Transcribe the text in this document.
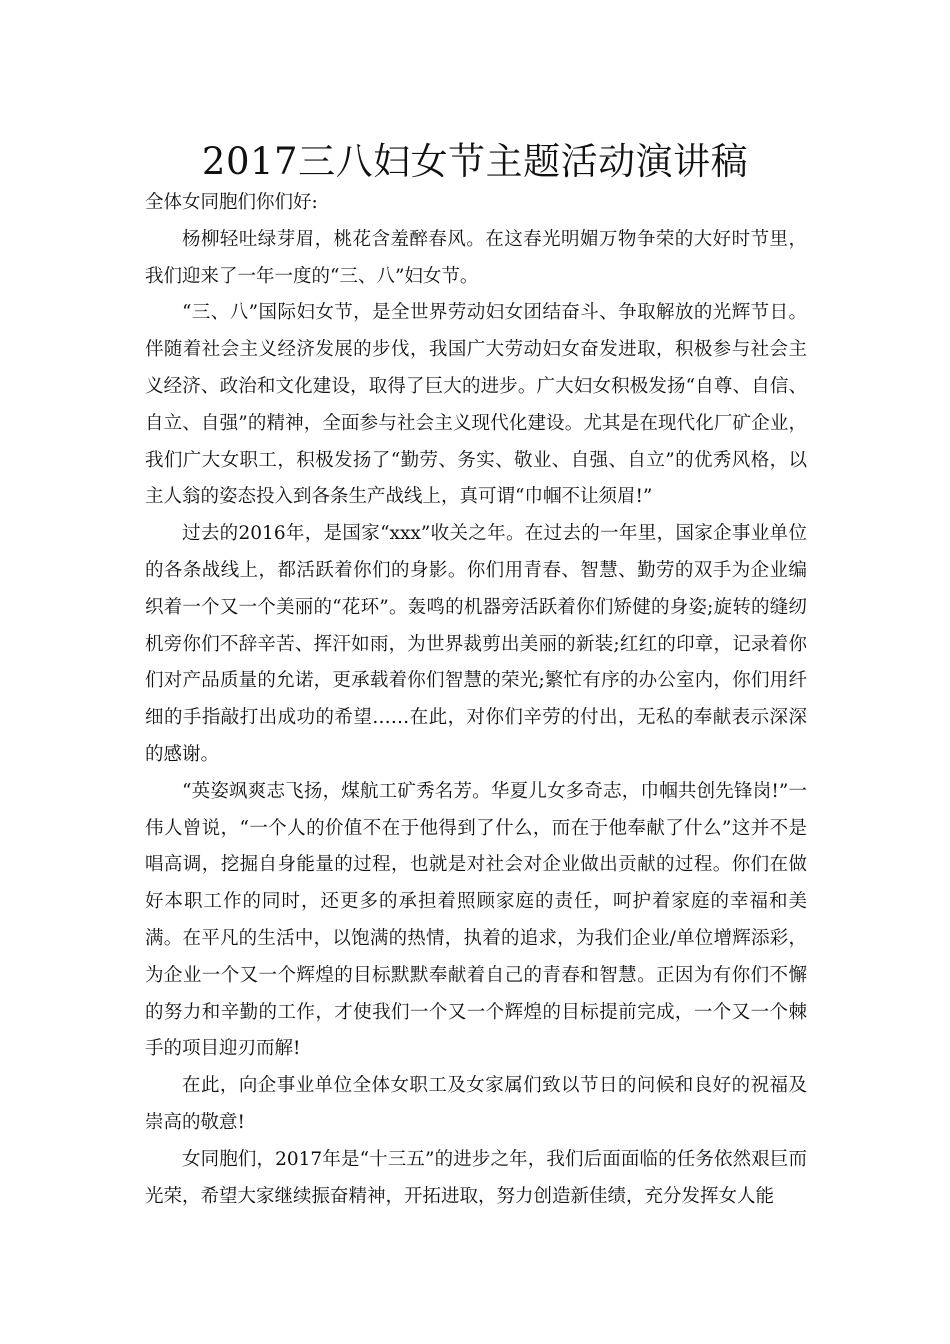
2017三八妇女节主题活动演讲稿

全体女同胞们你们好:

杨柳轻吐绿芽眉，桃花含羞醉春风。在这春光明媚万物争荣的大好时节里，我们迎来了一年一度的“三、八”妇女节。

“三、八”国际妇女节，是全世界劳动妇女团结奋斗、争取解放的光辉节日。伴随着社会主义经济发展的步伐，我国广大劳动妇女奋发进取，积极参与社会主义经济、政治和文化建设，取得了巨大的进步。广大妇女积极发扬“自尊、自信、自立、自强”的精神，全面参与社会主义现代化建设。尤其是在现代化厂矿企业，我们广大女职工，积极发扬了“勤劳、务实、敬业、自强、自立”的优秀风格，以主人翁的姿态投入到各条生产战线上，真可谓“巾帼不让须眉!”

过去的2016年，是国家“xxx”收关之年。在过去的一年里，国家企事业单位的各条战线上，都活跃着你们的身影。你们用青春、智慧、勤劳的双手为企业编织着一个又一个美丽的“花环”。轰鸣的机器旁活跃着你们矫健的身姿;旋转的缝纫机旁你们不辞辛苦、挥汗如雨，为世界裁剪出美丽的新装;红红的印章，记录着你们对产品质量的允诺，更承载着你们智慧的荣光;繁忙有序的办公室内，你们用纤细的手指敲打出成功的希望……在此，对你们辛劳的付出，无私的奉献表示深深的感谢。

“英姿飒爽志飞扬，煤航工矿秀名芳。华夏儿女多奇志，巾帼共创先锋岗!”一伟人曾说，“一个人的价值不在于他得到了什么，而在于他奉献了什么”这并不是唱高调，挖掘自身能量的过程，也就是对社会对企业做出贡献的过程。你们在做好本职工作的同时，还更多的承担着照顾家庭的责任，呵护着家庭的幸福和美满。在平凡的生活中，以饱满的热情，执着的追求，为我们企业/单位增辉添彩，为企业一个又一个辉煌的目标默默奉献着自己的青春和智慧。正因为有你们不懈的努力和辛勤的工作，才使我们一个又一个辉煌的目标提前完成，一个又一个棘手的项目迎刃而解!

在此，向企事业单位全体女职工及女家属们致以节日的问候和良好的祝福及崇高的敬意!

女同胞们，2017年是“十三五”的进步之年，我们后面面临的任务依然艰巨而光荣，希望大家继续振奋精神，开拓进取，努力创造新佳绩，充分发挥女人能
